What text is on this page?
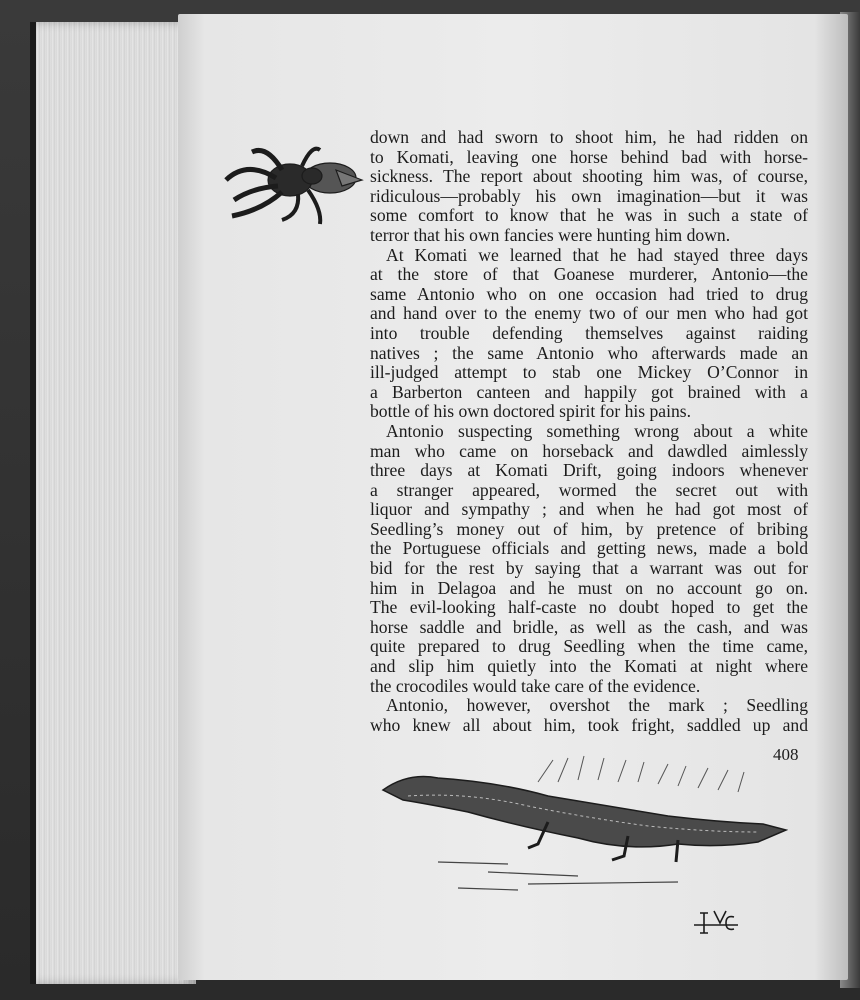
down and had sworn to shoot him, he had ridden on
to Komati, leaving one horse behind bad with horse-
sickness. The report about shooting him was, of course,
ridiculous—probably his own imagination—but it was
some comfort to know that he was in such a state of
terror that his own fancies were hunting him down.
At Komati we learned that he had stayed three days
at the store of that Goanese murderer, Antonio—the
same Antonio who on one occasion had tried to drug
and hand over to the enemy two of our men who had got
into trouble defending themselves against raiding
natives ; the same Antonio who afterwards made an
ill-judged attempt to stab one Mickey O’Connor in
a Barberton canteen and happily got brained with a
bottle of his own doctored spirit for his pains.
Antonio suspecting something wrong about a white
man who came on horseback and dawdled aimlessly
three days at Komati Drift, going indoors whenever
a stranger appeared, wormed the secret out with
liquor and sympathy ; and when he had got most of
Seedling’s money out of him, by pretence of bribing
the Portuguese officials and getting news, made a bold
bid for the rest by saying that a warrant was out for
him in Delagoa and he must on no account go on.
The evil-looking half-caste no doubt hoped to get the
horse saddle and bridle, as well as the cash, and was
quite prepared to drug Seedling when the time came,
and slip him quietly into the Komati at night where
the crocodiles would take care of the evidence.
Antonio, however, overshot the mark ; Seedling
who knew all about him, took fright, saddled up and
408
